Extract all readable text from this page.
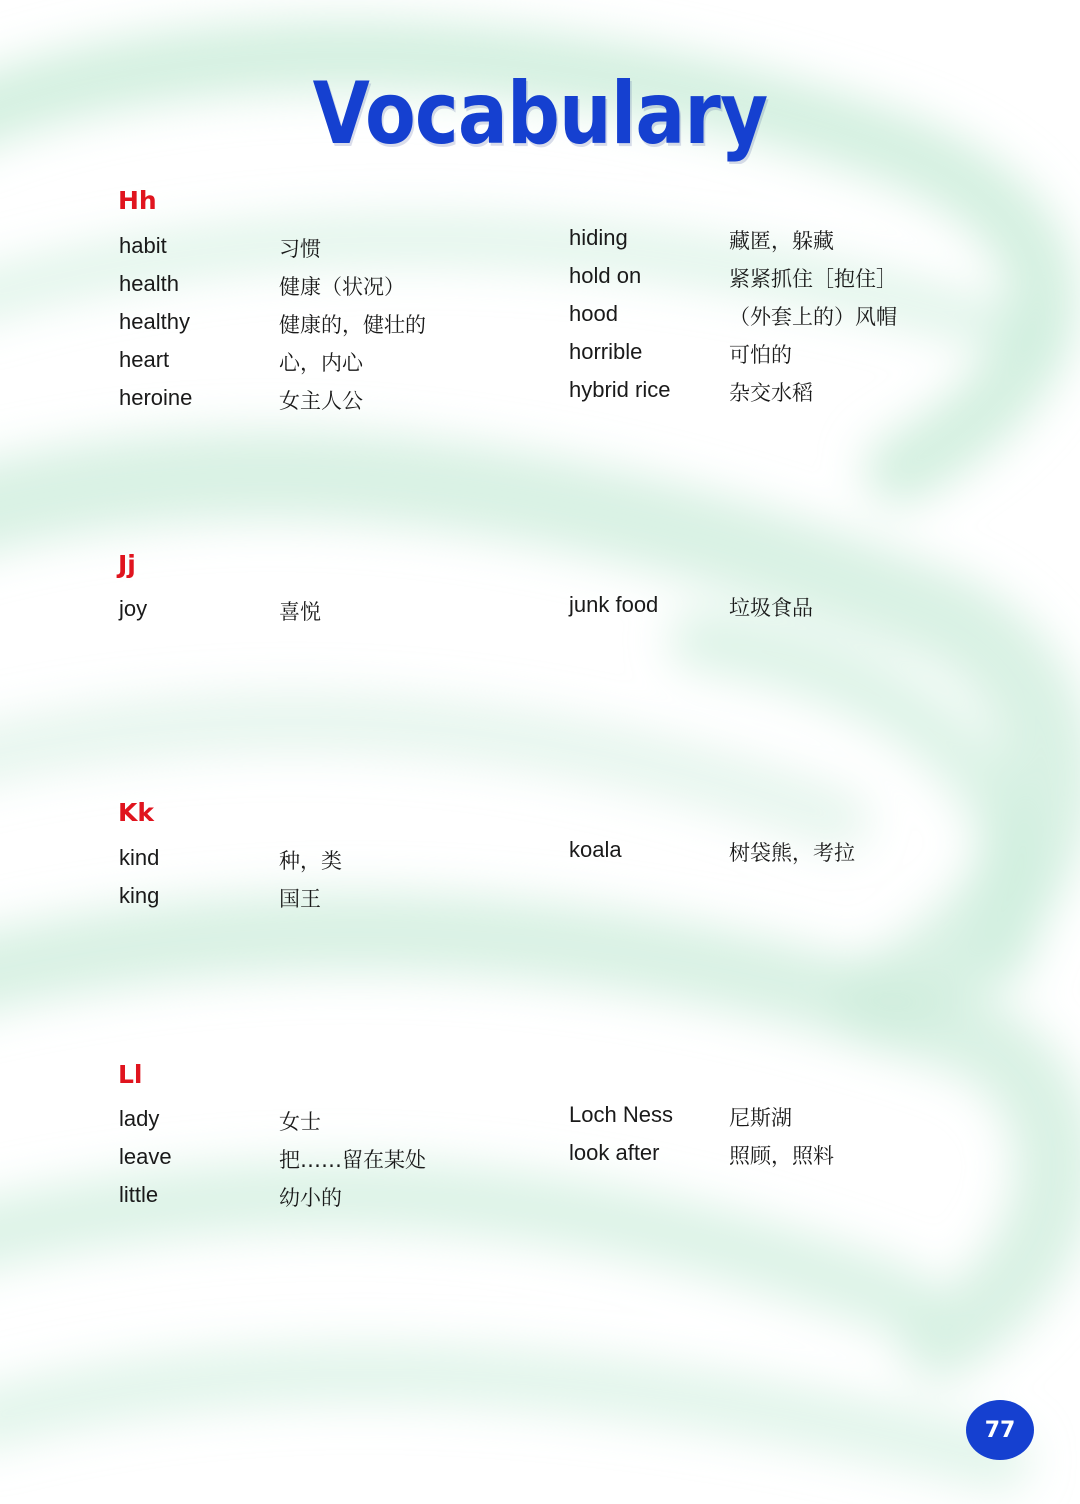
Vocabulary
Hh
habit	习惯
health	健康（状况）
healthy	健康的，健壮的
heart	心，内心
heroine	女主人公
hiding	藏匿，躲藏
hold on	紧紧抓住［抱住］
hood	（外套上的）风帽
horrible	可怕的
hybrid rice	杂交水稻
Jj
joy	喜悦	junk food	垃圾食品
Kk
kind	种，类
king	国王
koala	树袋熊，考拉
Ll
lady	女士
leave	把……留在某处
little	幼小的
Loch Ness	尼斯湖
look after	照顾，照料
77
